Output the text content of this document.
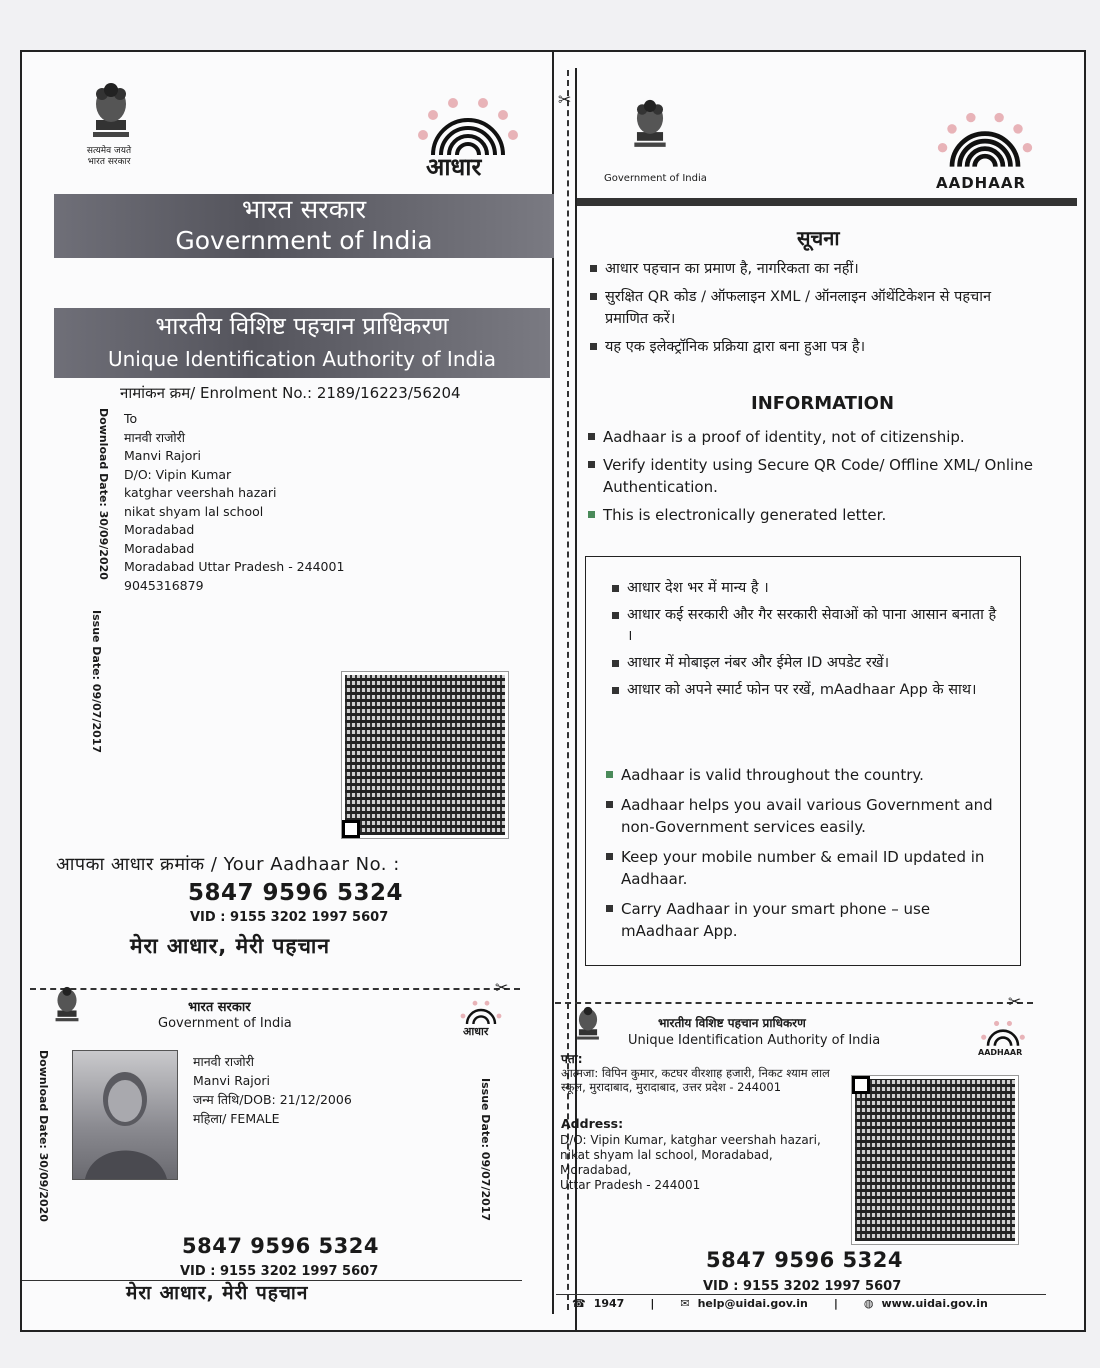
✂
सत्यमेव जयते
भारत सरकार	आधार
भारत सरकार
Government of India
भारतीय विशिष्ट पहचान प्राधिकरण
Unique Identification Authority of India
नामांकन क्रम/ Enrolment No.: 2189/16223/56204
Download Date: 30/09/2020
Issue Date: 09/07/2017
To
मानवी राजोरी
Manvi Rajori
D/O: Vipin Kumar
katghar veershah hazari
nikat shyam lal school
Moradabad
Moradabad
Moradabad Uttar Pradesh - 244001
9045316879
आपका आधार क्रमांक / Your Aadhaar No. :
5847 9596 5324
VID : 9155 3202 1997 5607
मेरा आधार, मेरी पहचान
✂
भारत सरकार
Government of India
आधार
Download Date: 30/09/2020	Issue Date: 09/07/2017
मानवी राजोरी
Manvi Rajori
जन्म तिथि/DOB: 21/12/2006
महिला/ FEMALE
5847 9596 5324
VID : 9155 3202 1997 5607
मेरा आधार, मेरी पहचान
Government of India	AADHAAR
सूचना
आधार पहचान का प्रमाण है, नागरिकता का नहीं।
सुरक्षित QR कोड / ऑफलाइन XML / ऑनलाइन ऑथेंटिकेशन से पहचान प्रमाणित करें।
यह एक इलेक्ट्रॉनिक प्रक्रिया द्वारा बना हुआ पत्र है।
INFORMATION
Aadhaar is a proof of identity, not of citizenship.
Verify identity using Secure QR Code/ Offline XML/ Online Authentication.
This is electronically generated letter.
आधार देश भर में मान्य है ।
आधार कई सरकारी और गैर सरकारी सेवाओं को पाना आसान बनाता है ।
आधार में मोबाइल नंबर और ईमेल ID अपडेट रखें।
आधार को अपने स्मार्ट फोन पर रखें, mAadhaar App के साथ।
Aadhaar is valid throughout the country.
Aadhaar helps you avail various Government and non-Government services easily.
Keep your mobile number & email ID updated in Aadhaar.
Carry Aadhaar in your smart phone – use mAadhaar App.
✂
भारतीय विशिष्ट पहचान प्राधिकरण
Unique Identification Authority of India
AADHAAR
पता:
आत्मजा: विपिन कुमार, कटघर वीरशाह हजारी, निकट श्याम लाल स्कूल, मुरादाबाद, मुरादाबाद, उत्तर प्रदेश - 244001
Address:
D/O: Vipin Kumar, katghar veershah hazari,
nikat shyam lal school, Moradabad,
Moradabad,
Uttar Pradesh - 244001
5847 9596 5324
VID : 9155 3202 1997 5607
☎ 1947 | ✉ help@uidai.gov.in | ◍ www.uidai.gov.in
